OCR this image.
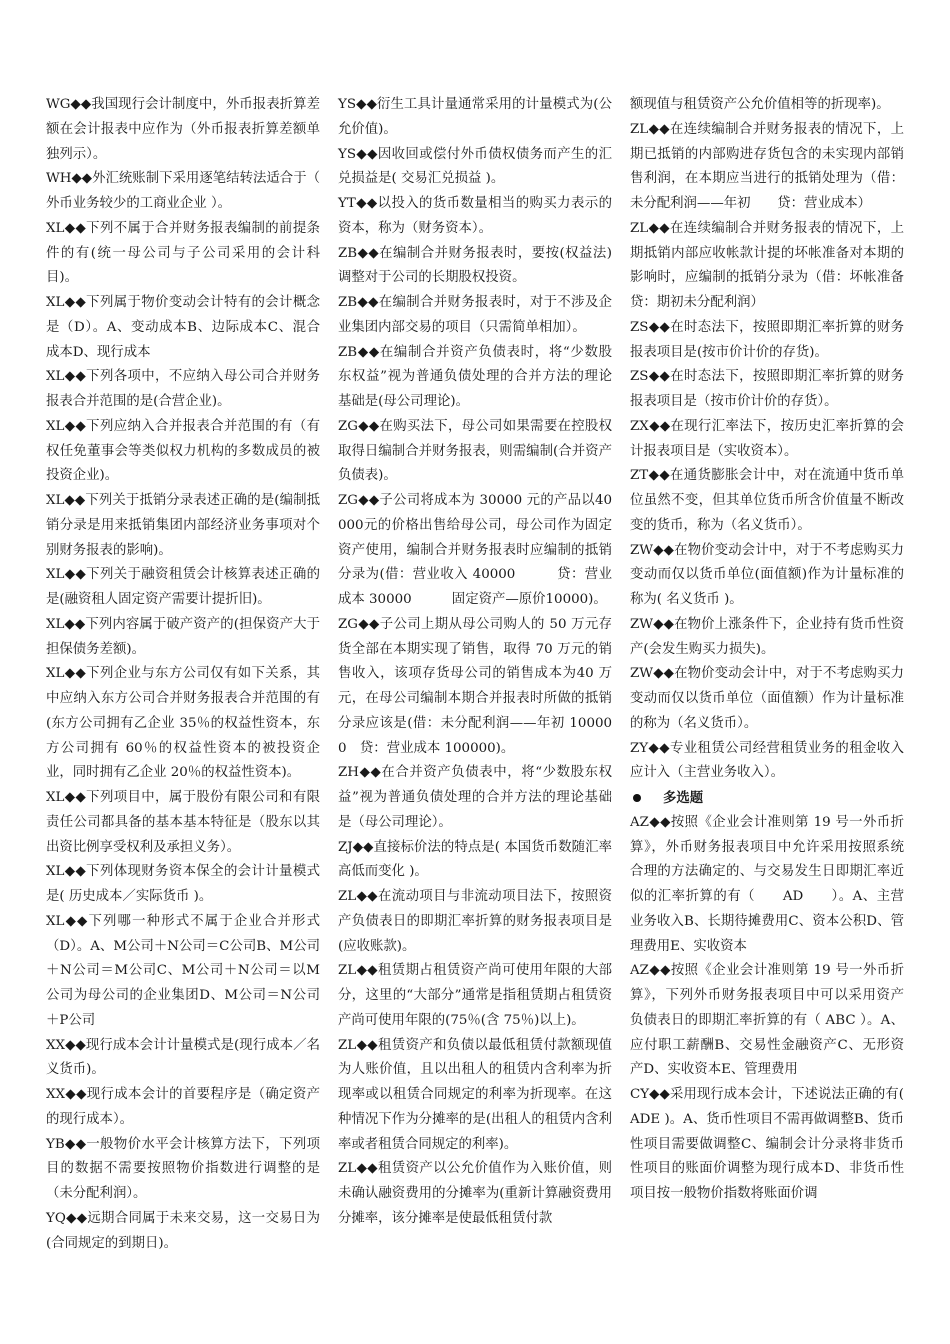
WG◆◆我国现行会计制度中，外币报表折算差额在会计报表中应作为（外币报表折算差额单独列示）。

WH◆◆外汇统账制下采用逐笔结转法适合于（ 外币业务较少的工商业企业 ）。

XL◆◆下列不属于合并财务报表编制的前提条件的有(统一母公司与子公司采用的会计科目)。

XL◆◆下列属于物价变动会计特有的会计概念是（D）。A、变动成本B、边际成本C、混合成本D、现行成本

XL◆◆下列各项中，不应纳入母公司合并财务报表合并范围的是(合营企业)。

XL◆◆下列应纳入合并报表合并范围的有（有权任免董事会等类似权力机构的多数成员的被投资企业)。

XL◆◆下列关于抵销分录表述正确的是(编制抵销分录是用来抵销集团内部经济业务事项对个别财务报表的影响)。

XL◆◆下列关于融资租赁会计核算表述正确的是(融资租人固定资产需要计提折旧)。

XL◆◆下列内容属于破产资产的(担保资产大于担保债务差额)。

XL◆◆下列企业与东方公司仅有如下关系，其中应纳入东方公司合并财务报表合并范围的有(东方公司拥有乙企业 35％的权益性资本，东方公司拥有 60％的权益性资本的被投资企业，同时拥有乙企业 20％的权益性资本)。

XL◆◆下列项目中，属于股份有限公司和有限责任公司都具备的基本基本特征是（股东以其出资比例享受权利及承担义务）。

XL◆◆下列体现财务资本保全的会计计量模式是( 历史成本／实际货币 )。

XL◆◆下列哪一种形式不属于企业合并形式（D）。A、M公司＋N公司＝C公司B、M公司＋N公司＝M公司C、M公司＋N公司＝以M公司为母公司的企业集团D、M公司＝N公司＋P公司

XX◆◆现行成本会计计量模式是(现行成本／名义货币)。

XX◆◆现行成本会计的首要程序是（确定资产的现行成本）。

YB◆◆一般物价水平会计核算方法下，下列项目的数据不需要按照物价指数进行调整的是（未分配利润）。

YQ◆◆远期合同属于未来交易，这一交易日为(合同规定的到期日)。

YS◆◆衍生工具计量通常采用的计量模式为(公允价值)。

YS◆◆因收回或偿付外币债权债务而产生的汇兑损益是( 交易汇兑损益 )。

YT◆◆以投入的货币数量相当的购买力表示的资本，称为（财务资本）。

ZB◆◆在编制合并财务报表时，要按(权益法)调整对于公司的长期股权投资。

ZB◆◆在编制合并财务报表时，对于不涉及企业集团内部交易的项目（只需简单相加）。

ZB◆◆在编制合并资产负债表时，将“少数股东权益”视为普通负债处理的合并方法的理论基础是(母公司理论)。

ZG◆◆在购买法下，母公司如果需要在控股权取得日编制合并财务报表，则需编制(合并资产负债表)。

ZG◆◆子公司将成本为 30000 元的产品以40000元的价格出售给母公司，母公司作为固定资产使用，编制合并财务报表时应编制的抵销分录为(借：营业收入 40000　　　贷：营业成本 30000　　　固定资产—原价10000)。

ZG◆◆子公司上期从母公司购人的 50 万元存货全部在本期实现了销售，取得 70 万元的销售收入，该项存货母公司的销售成本为40 万元，在母公司编制本期合并报表时所做的抵销分录应该是(借：未分配利润——年初 100000　贷：营业成本 100000)。

ZH◆◆在合并资产负债表中，将“少数股东权益”视为普通负债处理的合并方法的理论基础是（母公司理论）。

ZJ◆◆直接标价法的特点是( 本国货币数随汇率高低而变化 )。

ZL◆◆在流动项目与非流动项目法下，按照资产负债表日的即期汇率折算的财务报表项目是(应收账款)。

ZL◆◆租赁期占租赁资产尚可使用年限的大部分，这里的“大部分”通常是指租赁期占租赁资产尚可使用年限的(75％(含 75％)以上)。

ZL◆◆租赁资产和负债以最低租赁付款额现值为人账价值，且以出租人的租赁内含利率为折现率或以租赁合同规定的利率为折现率。在这种情况下作为分摊率的是(出租人的租赁内含利率或者租赁合同规定的利率)。

ZL◆◆租赁资产以公允价值作为入账价值，则未确认融资费用的分摊率为(重新计算融资费用分摊率，该分摊率是使最低租赁付款

额现值与租赁资产公允价值相等的折现率)。

ZL◆◆在连续编制合并财务报表的情况下，上期已抵销的内部购进存货包含的未实现内部销售利润，在本期应当进行的抵销处理为（借：未分配利润——年初　　贷：营业成本）

ZL◆◆在连续编制合并财务报表的情况下，上期抵销内部应收帐款计提的坏帐准备对本期的影响时，应编制的抵销分录为（借：坏帐准备　贷：期初未分配利润）

ZS◆◆在时态法下，按照即期汇率折算的财务报表项目是(按市价计价的存货)。

ZS◆◆在时态法下，按照即期汇率折算的财务报表项目是（按市价计价的存货）。

ZX◆◆在现行汇率法下，按历史汇率折算的会计报表项目是（实收资本）。

ZT◆◆在通货膨胀会计中，对在流通中货币单位虽然不变，但其单位货币所含价值量不断改变的货币，称为（名义货币）。

ZW◆◆在物价变动会计中，对于不考虑购买力变动而仅以货币单位(面值额)作为计量标准的称为( 名义货币 )。

ZW◆◆在物价上涨条件下，企业持有货币性资产(会发生购买力损失)。

ZW◆◆在物价变动会计中，对于不考虑购买力变动而仅以货币单位（面值额）作为计量标准的称为（名义货币）。

ZY◆◆专业租赁公司经营租赁业务的租金收入应计入（主营业务收入）。

多选题

AZ◆◆按照《企业会计准则第 19 号一外币折算》，外币财务报表项目中允许采用按照系统合理的方法确定的、与交易发生日即期汇率近似的汇率折算的有（　　AD　　）。A、主营业务收入B、长期待摊费用C、资本公积D、管理费用E、实收资本

AZ◆◆按照《企业会计准则第 19 号一外币折算》，下列外币财务报表项目中可以采用资产负债表日的即期汇率折算的有（ ABC ）。A、应付职工薪酬B、交易性金融资产C、无形资产D、实收资本E、管理费用

CY◆◆采用现行成本会计，下述说法正确的有( ADE )。A、货币性项目不需再做调整B、货币性项目需要做调整C、编制会计分录将非货币性项目的账面价调整为现行成本D、非货币性项目按一般物价指数将账面价调
